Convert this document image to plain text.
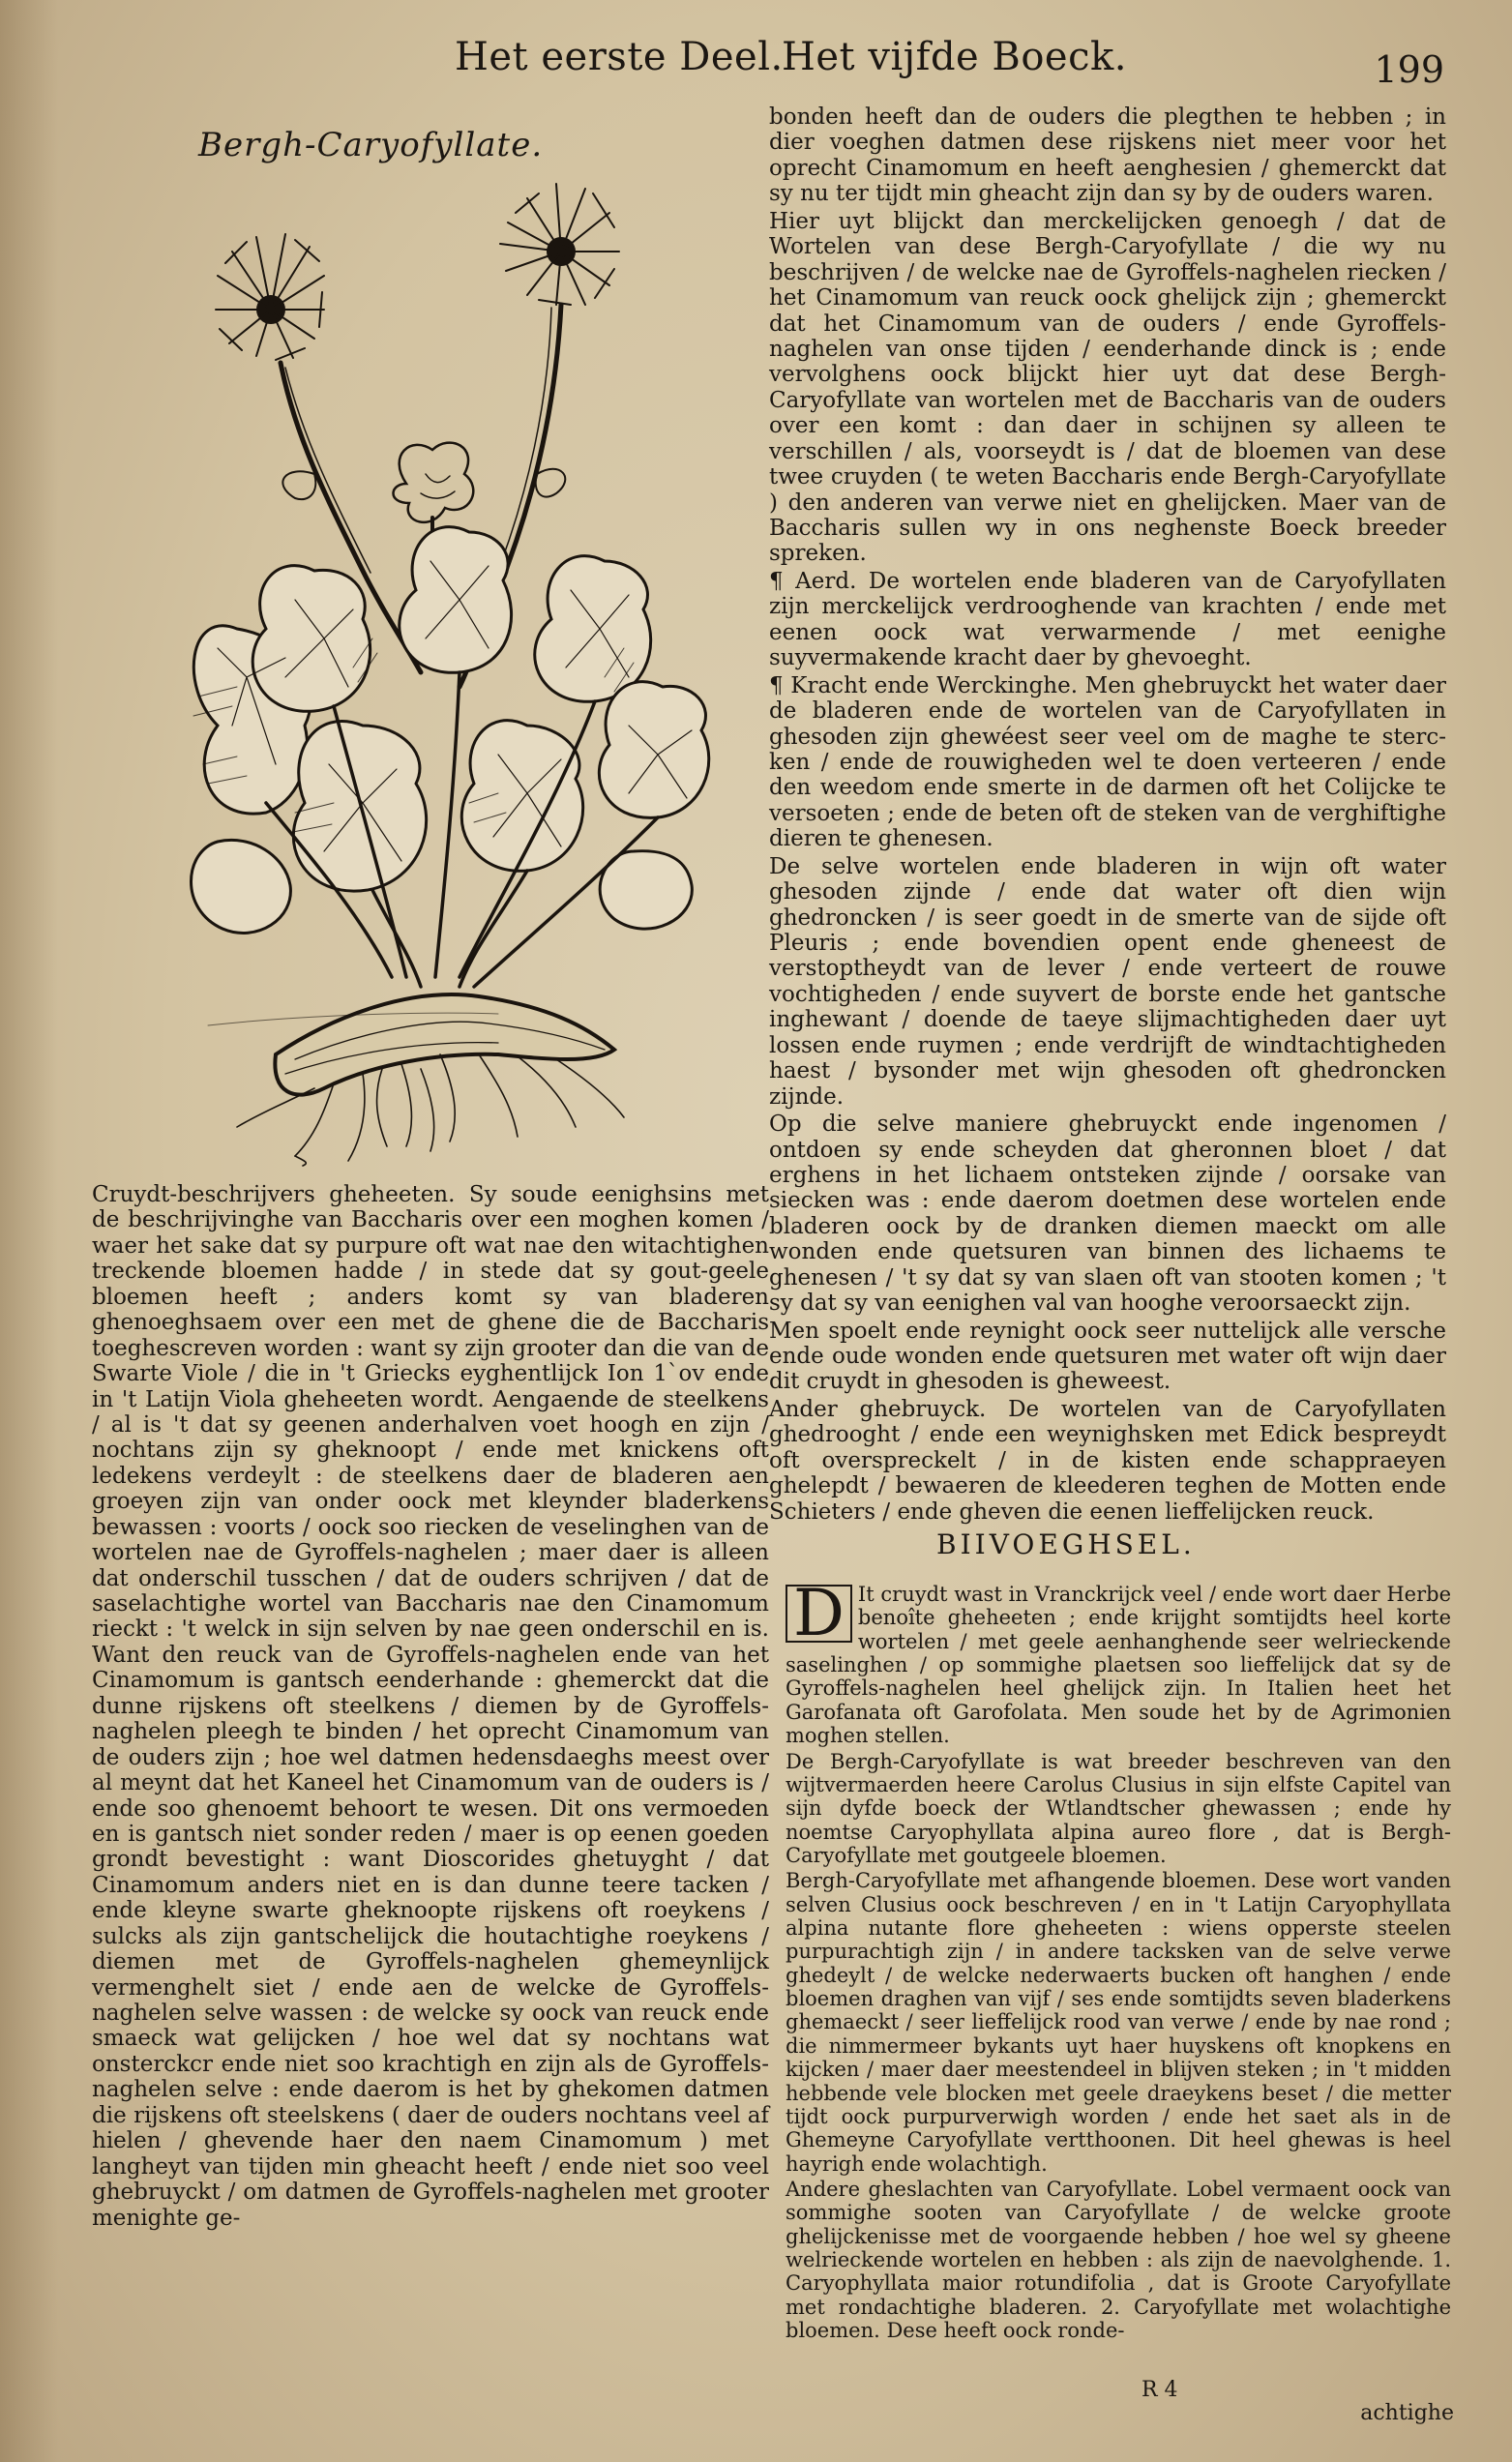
Het eerste Deel.
Het vijfde Boeck.	199
Bergh-Caryofyllate.

bonden heeft dan de ouders die plegthen te hebben ; in dier voeghen datmen dese rijskens niet meer voor het oprecht Cinamomum en heeft aenghesien / ghemerckt dat sy nu ter tijdt min gheacht zijn dan sy by de ouders waren.

Hier uyt blijckt dan merckelijcken genoegh / dat de Wortelen van dese Bergh-Caryofyllate / die wy nu beschrijven / de welcke nae de Gyroffels-naghelen riecken / het Cinamomum van reuck oock ghelijck zijn ; ghemerckt dat het Cinamomum van de ouders / ende Gyroffels-naghelen van onse tijden / eenderhande dinck is ; ende vervolghens oock blijckt hier uyt dat dese Bergh-Caryofyllate van wortelen met de Baccharis van de ouders over een komt : dan daer in schijnen sy alleen te verschillen / als, voorseydt is / dat de bloemen van dese twee cruyden ( te weten Baccharis ende Bergh-Caryofyllate ) den anderen van verwe niet en ghelijcken. Maer van de Baccharis sullen wy in ons neghenste Boeck breeder spreken.

¶ Aerd. De wortelen ende bladeren van de Caryofyllaten zijn merckelijck verdrooghende van krachten / ende met eenen oock wat verwarmende / met eenighe suyvermakende kracht daer by ghevoeght.

¶ Kracht ende Werckinghe. Men ghebruyckt het water daer de bladeren ende de wortelen van de Caryofyllaten in ghesoden zijn ghewéest seer veel om de maghe te sterc-ken / ende de rouwigheden wel te doen verteeren / ende den weedom ende smerte in de darmen oft het Colijcke te versoeten ; ende de beten oft de steken van de verghiftighe dieren te ghenesen.

De selve wortelen ende bladeren in wijn oft water ghesoden zijnde / ende dat water oft dien wijn ghedroncken / is seer goedt in de smerte van de sijde oft Pleuris ; ende bovendien opent ende gheneest de verstoptheydt van de lever / ende verteert de rouwe vochtigheden / ende suyvert de borste ende het gantsche inghewant / doende de taeye slijmachtigheden daer uyt lossen ende ruymen ; ende verdrijft de windtachtigheden haest / bysonder met wijn ghesoden oft ghedroncken zijnde.

Op die selve maniere ghebruyckt ende ingenomen / ontdoen sy ende scheyden dat gheronnen bloet / dat erghens in het lichaem ontsteken zijnde / oorsake van siecken was : ende daerom doetmen dese wortelen ende bladeren oock by de dranken diemen maeckt om alle wonden ende quetsuren van binnen des lichaems te ghenesen / 't sy dat sy van slaen oft van stooten komen ; 't sy dat sy van eenighen val van hooghe veroorsaeckt zijn.

Men spoelt ende reynight oock seer nuttelijck alle versche ende oude wonden ende quetsuren met water oft wijn daer dit cruydt in ghesoden is gheweest.

Ander ghebruyck. De wortelen van de Caryofyllaten ghedrooght / ende een weynighsken met Edick bespreydt oft overspreckelt / in de kisten ende schappraeyen ghelepdt / bewaeren de kleederen teghen de Motten ende Schieters / ende gheven die eenen lieffelijcken reuck.

Cruydt-beschrijvers gheheeten. Sy soude eenighsins met de beschrijvinghe van Baccharis over een moghen komen / waer het sake dat sy purpure oft wat nae den witachtighen treckende bloemen hadde / in stede dat sy gout-geele bloemen heeft ; anders komt sy van bladeren ghenoeghsaem over een met de ghene die de Baccharis toeghescreven worden : want sy zijn grooter dan die van de Swarte Viole / die in 't Griecks eyghentlijck Ion 1`ov ende in 't Latijn Viola gheheeten wordt. Aengaende de steelkens / al is 't dat sy geenen anderhalven voet hoogh en zijn / nochtans zijn sy gheknoopt / ende met knickens oft ledekens verdeylt : de steelkens daer de bladeren aen groeyen zijn van onder oock met kleynder bladerkens bewassen : voorts / oock soo riecken de veselinghen van de wortelen nae de Gyroffels-naghelen ; maer daer is alleen dat onderschil tusschen / dat de ouders schrijven / dat de saselachtighe wortel van Baccharis nae den Cinamomum rieckt : 't welck in sijn selven by nae geen onderschil en is. Want den reuck van de Gyroffels-naghelen ende van het Cinamomum is gantsch eenderhande : ghemerckt dat die dunne rijskens oft steelkens / diemen by de Gyroffels-naghelen pleegh te binden / het oprecht Cinamomum van de ouders zijn ; hoe wel datmen hedensdaeghs meest over al meynt dat het Kaneel het Cinamomum van de ouders is / ende soo ghenoemt behoort te wesen. Dit ons vermoeden en is gantsch niet sonder reden / maer is op eenen goeden grondt bevestight : want Dioscorides ghetuyght / dat Cinamomum anders niet en is dan dunne teere tacken / ende kleyne swarte gheknoopte rijskens oft roeykens / sulcks als zijn gantschelijck die houtachtighe roeykens / diemen met de Gyroffels-naghelen ghemeynlijck vermenghelt siet / ende aen de welcke de Gyroffels-naghelen selve wassen : de welcke sy oock van reuck ende smaeck wat gelijcken / hoe wel dat sy nochtans wat onsterckcr ende niet soo krachtigh en zijn als de Gyroffels-naghelen selve : ende daerom is het by ghekomen datmen die rijskens oft steelskens ( daer de ouders nochtans veel af hielen / ghevende haer den naem Cinamomum ) met langheyt van tijden min gheacht heeft / ende niet soo veel ghebruyckt / om datmen de Gyroffels-naghelen met grooter menighte ge-

BIIVOEGHSEL.

D It cruydt wast in Vranckrijck veel / ende wort daer Herbe benoîte gheheeten ; ende krijght somtijdts heel korte wortelen / met geele aenhanghende seer welrieckende saselinghen / op sommighe plaetsen soo lieffelijck dat sy de Gyroffels-naghelen heel ghelijck zijn. In Italien heet het Garofanata oft Garofolata. Men soude het by de Agrimonien moghen stellen.

De Bergh-Caryofyllate is wat breeder beschreven van den wijtvermaerden heere Carolus Clusius in sijn elfste Capitel van sijn dyfde boeck der Wtlandtscher ghewassen ; ende hy noemtse Caryophyllata alpina aureo flore , dat is Bergh-Caryofyllate met goutgeele bloemen.

Bergh-Caryofyllate met afhangende bloemen. Dese wort vanden selven Clusius oock beschreven / en in 't Latijn Caryophyllata alpina nutante flore gheheeten : wiens opperste steelen purpurachtigh zijn / in andere tacksken van de selve verwe ghedeylt / de welcke nederwaerts bucken oft hanghen / ende bloemen draghen van vijf / ses ende somtijdts seven bladerkens ghemaeckt / seer lieffelijck rood van verwe / ende by nae rond ; die nimmermeer bykants uyt haer huyskens oft knopkens en kijcken / maer daer meestendeel in blijven steken ; in 't midden hebbende vele blocken met geele draeykens beset / die metter tijdt oock purpurverwigh worden / ende het saet als in de Ghemeyne Caryofyllate vertthoonen. Dit heel ghewas is heel hayrigh ende wolachtigh.

Andere gheslachten van Caryofyllate. Lobel vermaent oock van sommighe sooten van Caryofyllate / de welcke groote ghelijckenisse met de voorgaende hebben / hoe wel sy gheene welrieckende wortelen en hebben : als zijn de naevolghende. 1. Caryophyllata maior rotundifolia , dat is Groote Caryofyllate met rondachtighe bladeren. 2. Caryofyllate met wolachtighe bloemen. Dese heeft oock ronde-

R 4
achtighe
